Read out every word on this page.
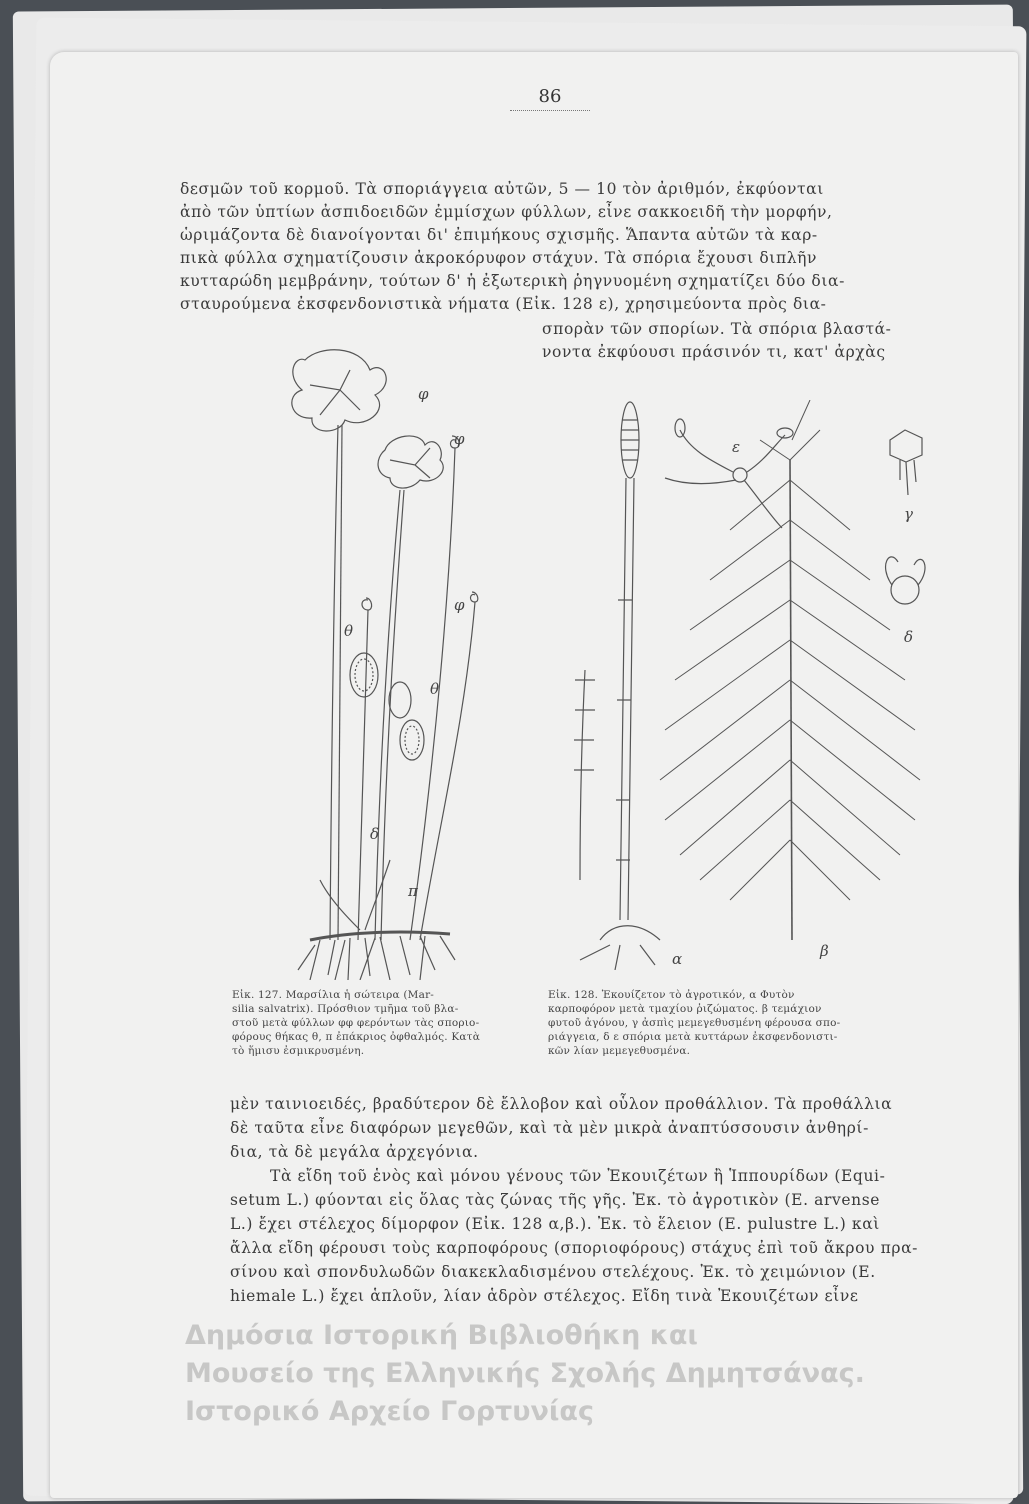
86
δεσμῶν τοῦ κορμοῦ. Τὰ σποριάγγεια αὐτῶν, 5 — 10 τὸν ἀριθμόν, ἐκφύονται
ἀπὸ τῶν ὑπτίων ἀσπιδοειδῶν ἐμμίσχων φύλλων, εἶνε σακκοειδῆ τὴν μορφήν,
ὡριμάζοντα δὲ διανοίγονται δι' ἐπιμήκους σχισμῆς. Ἅπαντα αὐτῶν τὰ καρ-
πικὰ φύλλα σχηματίζουσιν ἀκροκόρυφον στάχυν. Τὰ σπόρια ἔχουσι διπλῆν
κυτταρώδη μεμβράνην, τούτων δ' ἡ ἐξωτερικὴ ῥηγνυομένη σχηματίζει δύο δια-
σταυρούμενα ἐκσφενδονιστικὰ νήματα (Εἰκ. 128 ε), χρησιμεύοντα πρὸς δια-
σπορὰν τῶν σπορίων. Τὰ σπόρια βλαστά-
νοντα ἐκφύουσι πράσινόν τι, κατ' ἀρχὰς
φ
φ
φ
θ
θ
δ
π
Εἰκ. 127. Μαρσίλια ἡ σώτειρα (Mar-
silia salvatrix). Πρόσθιον τμῆμα τοῦ βλα-
στοῦ μετὰ φύλλων φφ φερόντων τὰς σποριο-
φόρους θήκας θ, π ἐπάκριος ὀφθαλμός. Κατὰ
τὸ ἥμισυ ἐσμικρυσμένη.
ε
γ
δ
α	β
Εἰκ. 128. Ἐκουίζετον τὸ ἀγροτικόν, α Φυτὸν
καρποφόρον μετὰ τμαχίου ῥιζώματος. β τεμάχιον
φυτοῦ ἀγόνου, γ ἀσπὶς μεμεγεθυσμένη φέρουσα σπο-
ριάγγεια, δ ε σπόρια μετὰ κυττάρων ἐκσφενδονιστι-
κῶν λίαν μεμεγεθυσμένα.
μὲν ταινιοειδές, βραδύτερον δὲ ἔλλοβον καὶ οὗλον προθάλλιον. Τὰ προθάλλια
δὲ ταῦτα εἶνε διαφόρων μεγεθῶν, καὶ τὰ μὲν μικρὰ ἀναπτύσσουσιν ἀνθηρί-
δια, τὰ δὲ μεγάλα ἀρχεγόνια.
Τὰ εἴδη τοῦ ἑνὸς καὶ μόνου γένους τῶν Ἐκουιζέτων ἢ Ἱππουρίδων (Equi-
setum L.) φύονται εἰς ὅλας τὰς ζώνας τῆς γῆς. Ἐκ. τὸ ἀγροτικὸν (E. arvense
L.) ἔχει στέλεχος δίμορφον (Εἰκ. 128 α,β.). Ἐκ. τὸ ἕλειον (E. pulustre L.) καὶ
ἄλλα εἴδη φέρουσι τοὺς καρποφόρους (σποριοφόρους) στάχυς ἐπὶ τοῦ ἄκρου πρα-
σίνου καὶ σπονδυλωδῶν διακεκλαδισμένου στελέχους. Ἐκ. τὸ χειμώνιον (E.
hiemale L.) ἔχει ἁπλοῦν, λίαν ἁδρὸν στέλεχος. Εἴδη τινὰ Ἐκουιζέτων εἶνε
Δημόσια Ιστορική Βιβλιοθήκη και
Μουσείο της Ελληνικής Σχολής Δημητσάνας.
Ιστορικό Αρχείο Γορτυνίας
